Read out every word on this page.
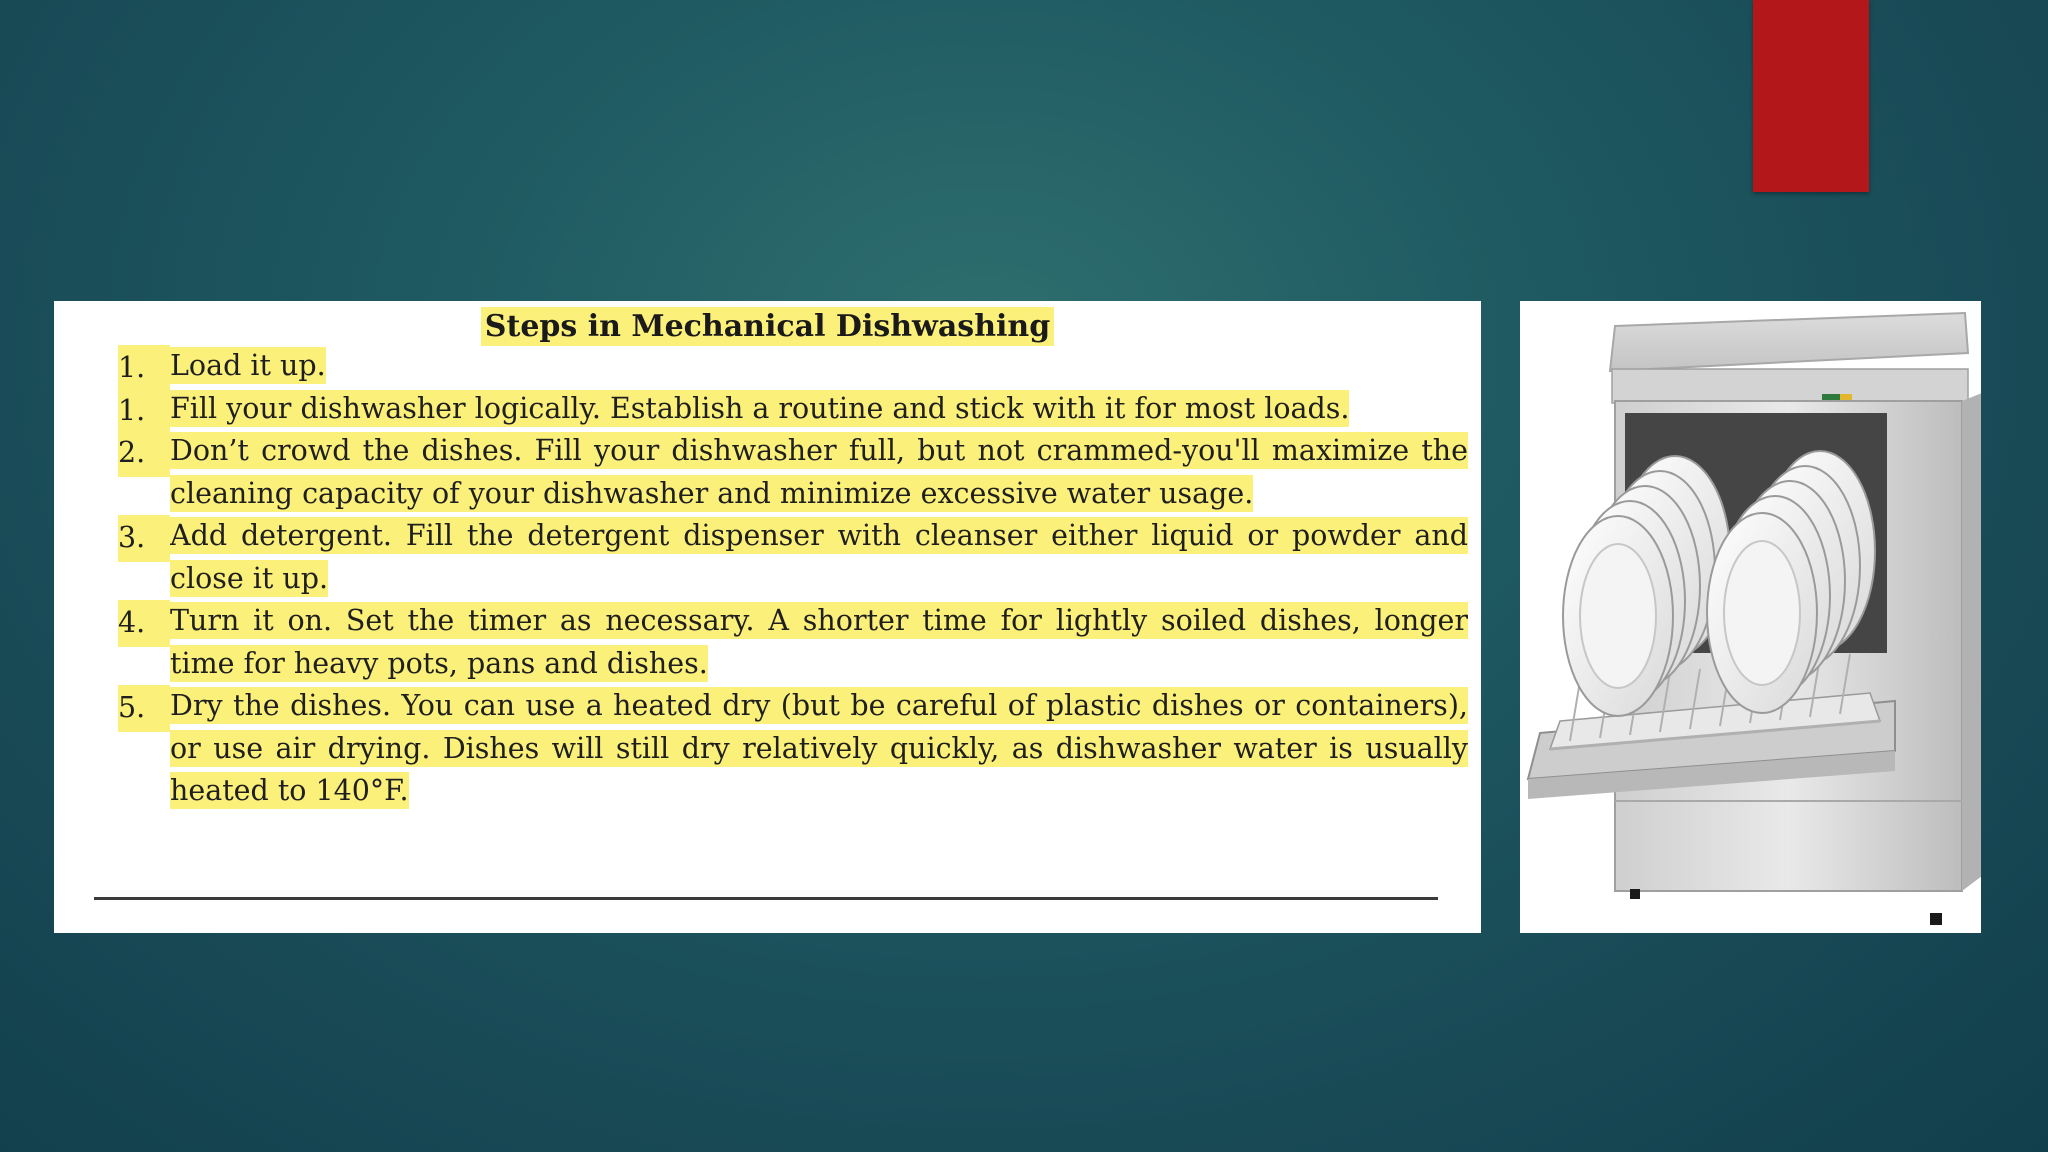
Steps in Mechanical Dishwashing
1. Load it up.
1. Fill your dishwasher logically. Establish a routine and stick with it for most loads.
2. Don’t crowd the dishes. Fill your dishwasher full, but not crammed-you'll maximize the cleaning capacity of your dishwasher and minimize excessive water usage.
3. Add detergent. Fill the detergent dispenser with cleanser either liquid or powder and close it up.
4. Turn it on. Set the timer as necessary. A shorter time for lightly soiled dishes, longer time for heavy pots, pans and dishes.
5. Dry the dishes. You can use a heated dry (but be careful of plastic dishes or containers), or use air drying. Dishes will still dry relatively quickly, as dishwasher water is usually heated to 140°F.
